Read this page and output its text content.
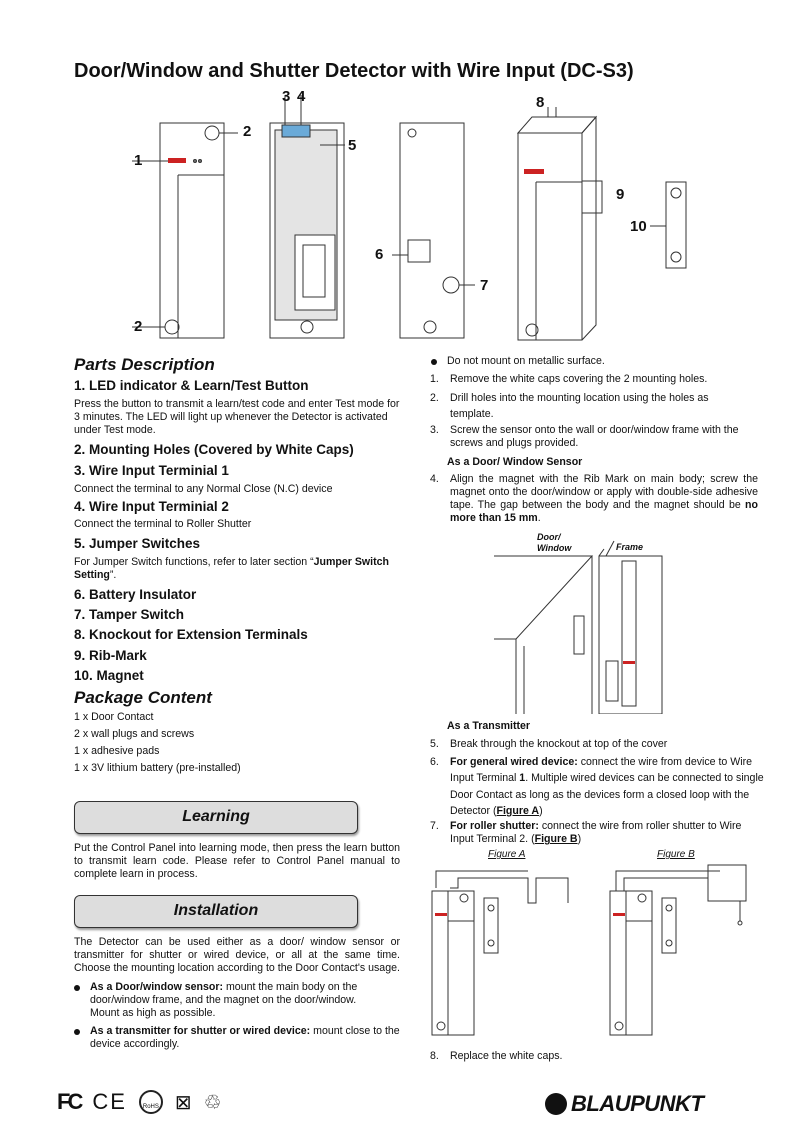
Door/Window and Shutter Detector with Wire Input (DC-S3)
3 4
2
1
5
2
6
7
8
9
10
Parts Description
1. LED indicator & Learn/Test Button
Press the button to transmit a learn/test code and enter Test mode for 3 minutes. The LED will light up whenever the Detector is activated under Test mode.
2. Mounting Holes (Covered by White Caps)
3. Wire Input Terminial 1
Connect the terminal to any Normal Close (N.C) device
4. Wire Input Terminial 2
Connect the terminal to Roller Shutter
5. Jumper Switches
For Jumper Switch functions, refer to later section “Jumper Switch Setting”.
6. Battery Insulator
7. Tamper Switch
8. Knockout for Extension Terminals
9. Rib-Mark
10. Magnet
Package Content
1 x Door Contact
2 x wall plugs and screws
1 x adhesive pads
1 x 3V lithium battery (pre-installed)
Learning
Put the Control Panel into learning mode, then press the learn button to transmit learn code. Please refer to Control Panel manual to complete learn in process.
Installation
The Detector can be used either as a door/ window sensor or transmitter for shutter or wired device, or all at the same time. Choose the mounting location according to the Door Contact's usage.
As a Door/window sensor: mount the main body on the door/window frame, and the magnet on the door/window. Mount as high as possible.
As a transmitter for shutter or wired device: mount close to the device accordingly.
Do not mount on metallic surface.
1. Remove the white caps covering the 2 mounting holes.
2. Drill holes into the mounting location using the holes as template.
3. Screw the sensor onto the wall or door/window frame with the screws and plugs provided.
As a Door/ Window Sensor
4. Align the magnet with the Rib Mark on main body; screw the magnet onto the door/window or apply with double-side adhesive tape. The gap between the body and the magnet should be no more than 15 mm.
Door/ Window	Frame
As a Transmitter
5. Break through the knockout at top of the cover
6. For general wired device: connect the wire from device to Wire Input Terminal 1. Multiple wired devices can be connected to single Door Contact as long as the devices form a closed loop with the Detector (Figure A)
7. For roller shutter: connect the wire from roller shutter to Wire Input Terminal 2. (Figure B)
Figure A	Figure B
8. Replace the white caps.
FC CE	RoHS ⊠ ♲	BLAUPUNKT
